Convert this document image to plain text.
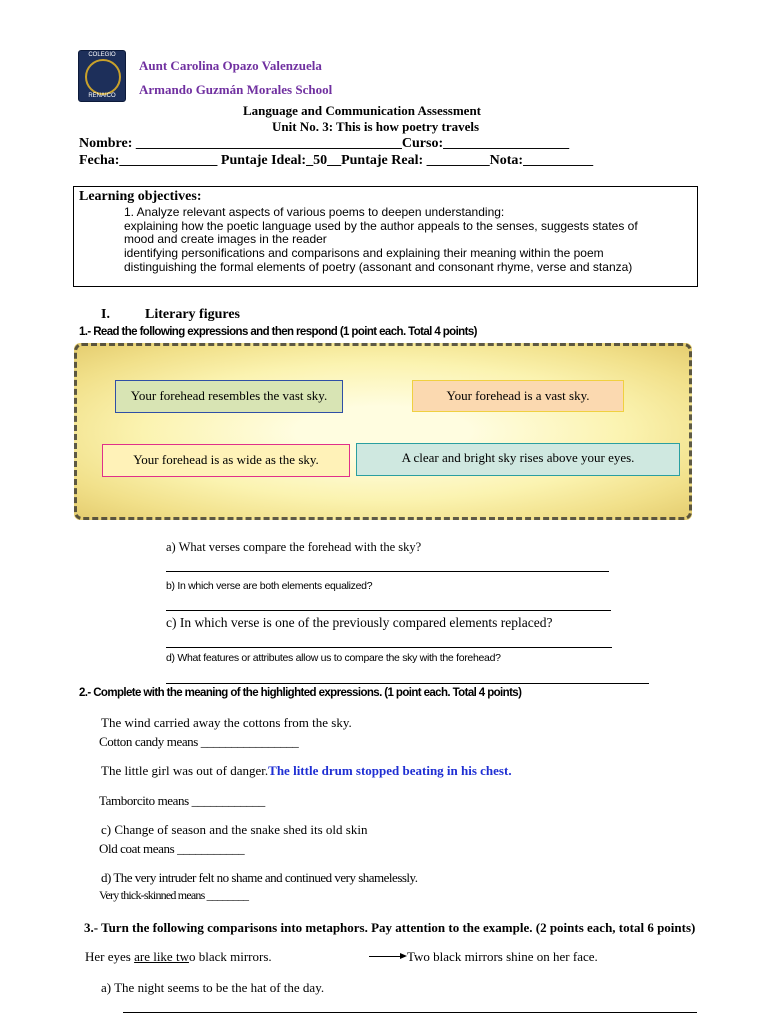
COLEGIO
RENAICO
Aunt Carolina Opazo Valenzuela
Armando Guzmán Morales School
Language and Communication Assessment
Unit No. 3: This is how poetry travels
Nombre: ______________________________________Curso:__________________
Fecha:______________ Puntaje Ideal:_50__Puntaje Real: _________Nota:__________
Learning objectives:
1. Analyze relevant aspects of various poems to deepen understanding:
explaining how the poetic language used by the author appeals to the senses, suggests states of
mood and create images in the reader
identifying personifications and comparisons and explaining their meaning within the poem
distinguishing the formal elements of poetry (assonant and consonant rhyme, verse and stanza)
I.	Literary figures
1.- Read the following expressions and then respond (1 point each. Total 4 points)
Your forehead resembles the vast sky.	Your forehead is a vast sky.
Your forehead is as wide as the sky.	A clear and bright sky rises above your eyes.
a) What verses compare the forehead with the sky?
b) In which verse are both elements equalized?
c) In which verse is one of the previously compared elements replaced?
d) What features or attributes allow us to compare the sky with the forehead?
2.- Complete with the meaning of the highlighted expressions. (1 point each. Total 4 points)
The wind carried away the cottons from the sky.
Cotton candy means ________________
The little girl was out of danger.The little drum stopped beating in his chest.
Tamborcito means ____________
c) Change of season and the snake shed its old skin
Old coat means ___________
d) The very intruder felt no shame and continued very shamelessly.
Very thick-skinned means ________
3.- Turn the following comparisons into metaphors. Pay attention to the example. (2 points each, total 6 points)
Her eyes are like two black mirrors.	Two black mirrors shine on her face.
a) The night seems to be the hat of the day.
